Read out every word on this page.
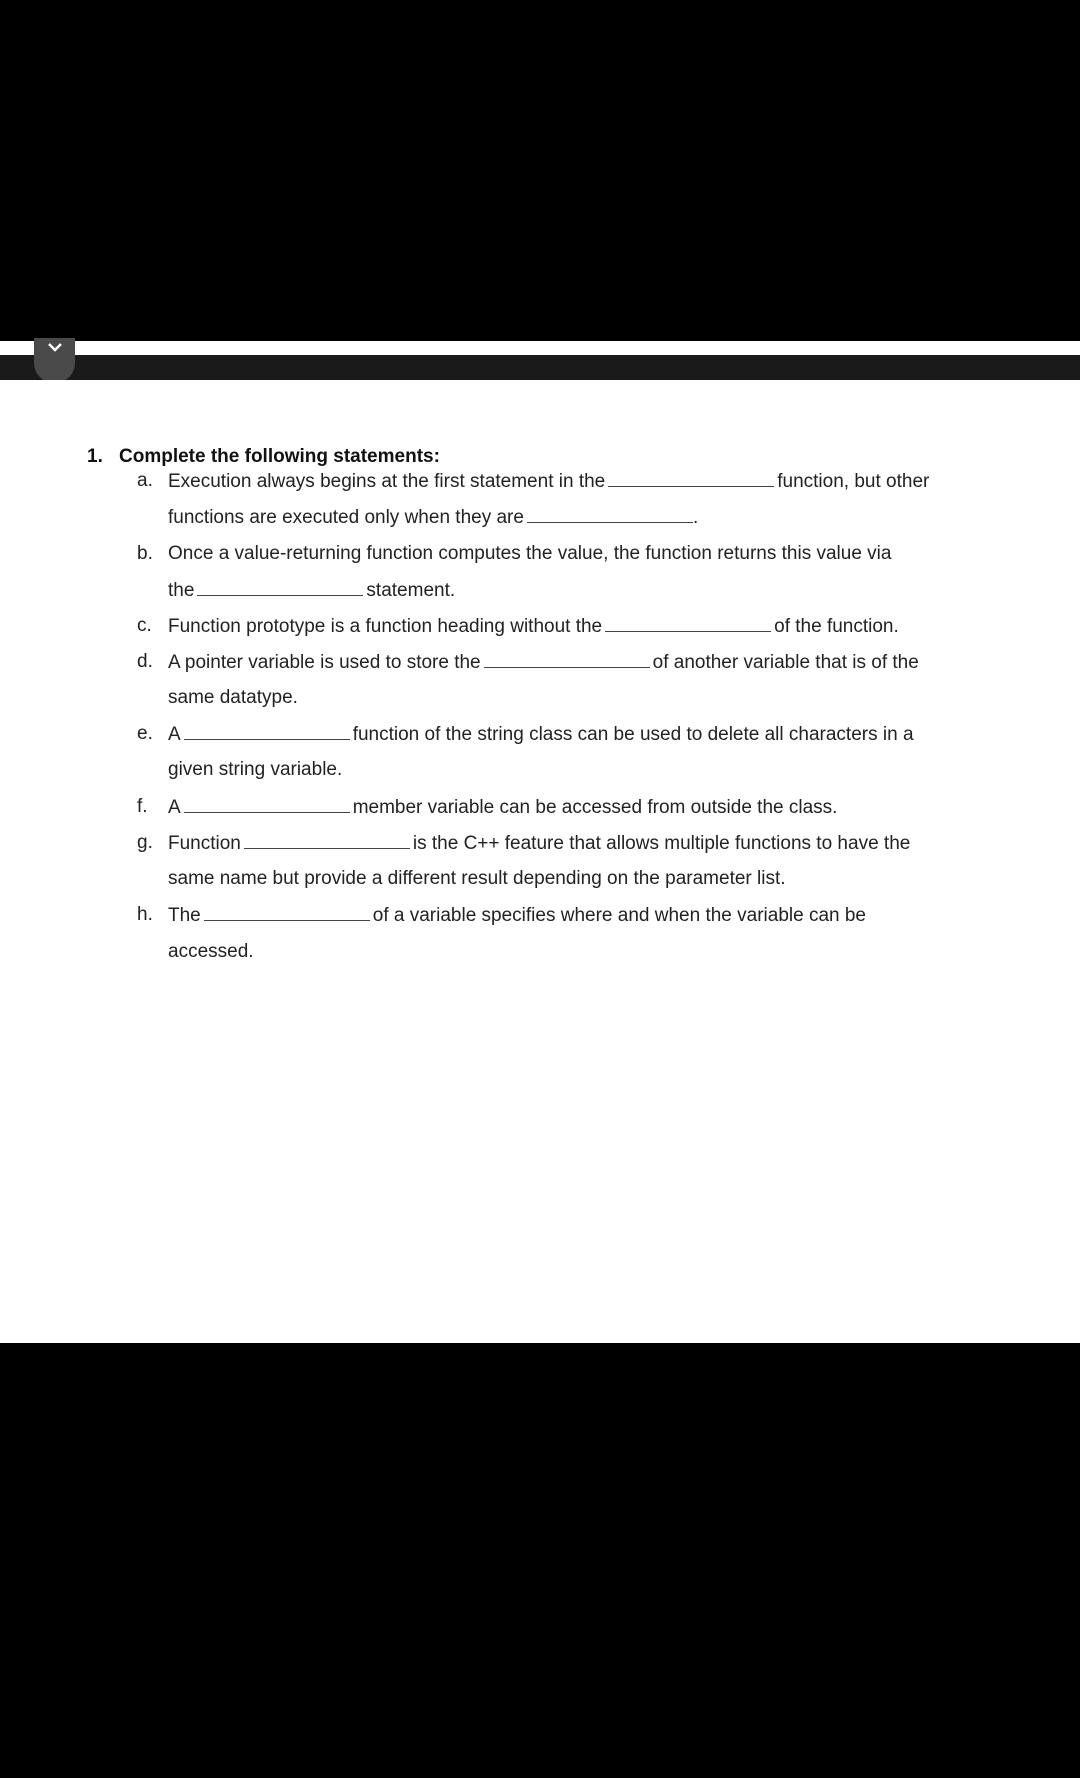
1. Complete the following statements:
a. Execution always begins at the first statement in the	function, but other
functions are executed only when they are	.
b. Once a value-returning function computes the value, the function returns this value via
the	statement.
c. Function prototype is a function heading without the	of the function.
d. A pointer variable is used to store the	of another variable that is of the
same datatype.
e. A	function of the string class can be used to delete all characters in a
given string variable.
f. A	member variable can be accessed from outside the class.
g. Function	is the C++ feature that allows multiple functions to have the
same name but provide a different result depending on the parameter list.
h. The	of a variable specifies where and when the variable can be
accessed.
